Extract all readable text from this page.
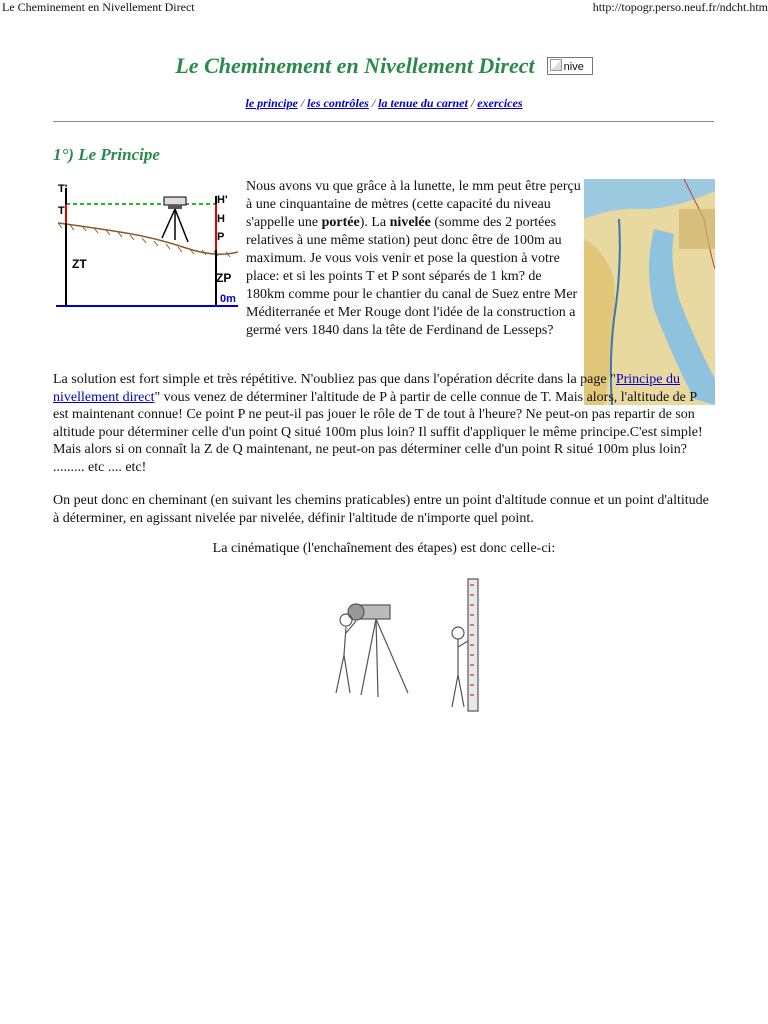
Le Cheminement en Nivellement Direct	http://topogr.perso.neuf.fr/ndcht.htm
Le Cheminement en Nivellement Direct	nive
le principe / les contrôles / la tenue du carnet / exercices
1°) Le Principe
T'
T
H'
H
P
ZT
ZP
0m
Nous avons vu que grâce à la lunette, le mm peut être perçu à une cinquantaine de mètres (cette capacité du niveau s'appelle une portée). La nivelée (somme des 2 portées relatives à une même station) peut donc être de 100m au maximum. Je vous vois venir et pose la question à votre place: et si les points T et P sont séparés de 1 km? de 180km comme pour le chantier du canal de Suez entre Mer Méditerranée et Mer Rouge dont l'idée de la construction a germé vers 1840 dans la tête de Ferdinand de Lesseps?
La solution est fort simple et très répétitive. N'oubliez pas que dans l'opération décrite dans la page "Principe du nivellement direct" vous venez de déterminer l'altitude de P à partir de celle connue de T. Mais alors, l'altitude de P est maintenant connue! Ce point P ne peut-il pas jouer le rôle de T de tout à l'heure? Ne peut-on pas repartir de son altitude pour déterminer celle d'un point Q situé 100m plus loin? Il suffit d'appliquer le même principe.C'est simple! Mais alors si on connaît la Z de Q maintenant, ne peut-on pas déterminer celle d'un point R situé 100m plus loin? ......... etc .... etc!
On peut donc en cheminant (en suivant les chemins praticables) entre un point d'altitude connue et un point d'altitude à déterminer, en agissant nivelée par nivelée, définir l'altitude de n'importe quel point.
La cinématique (l'enchaînement des étapes) est donc celle-ci:
